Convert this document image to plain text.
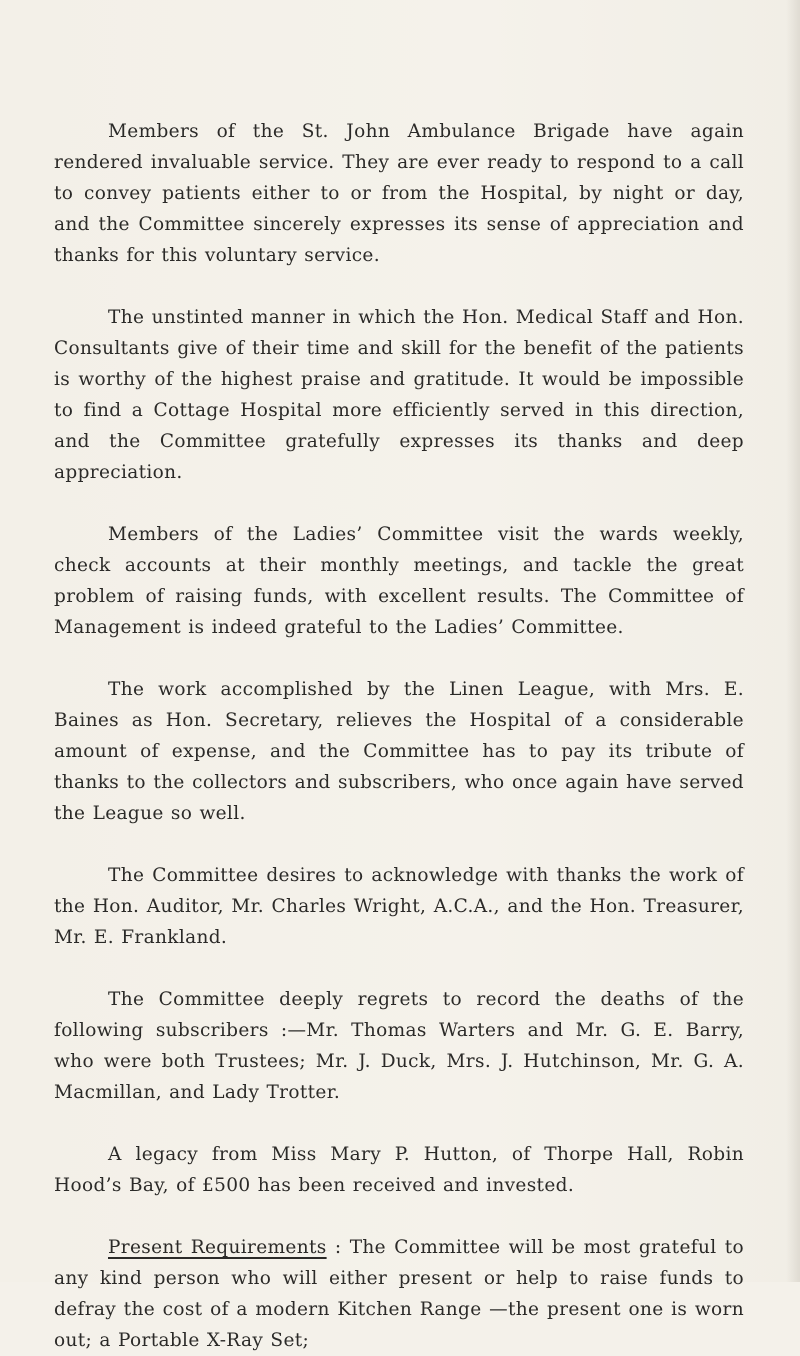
Members of the St. John Ambulance Brigade have again rendered invaluable service. They are ever ready to respond to a call to convey patients either to or from the Hospital, by night or day, and the Committee sincerely expresses its sense of appreciation and thanks for this voluntary service.

The unstinted manner in which the Hon. Medical Staff and Hon. Consultants give of their time and skill for the benefit of the patients is worthy of the highest praise and gratitude. It would be impossible to find a Cottage Hospital more efficiently served in this direction, and the Committee gratefully expresses its thanks and deep appreciation.

Members of the Ladies’ Committee visit the wards weekly, check accounts at their monthly meetings, and tackle the great problem of raising funds, with excellent results. The Committee of Management is indeed grateful to the Ladies’ Committee.

The work accomplished by the Linen League, with Mrs. E. Baines as Hon. Secretary, relieves the Hospital of a considerable amount of expense, and the Committee has to pay its tribute of thanks to the collectors and subscribers, who once again have served the League so well.

The Committee desires to acknowledge with thanks the work of the Hon. Auditor, Mr. Charles Wright, A.C.A., and the Hon. Treasurer, Mr. E. Frankland.

The Committee deeply regrets to record the deaths of the following subscribers :—Mr. Thomas Warters and Mr. G. E. Barry, who were both Trustees; Mr. J. Duck, Mrs. J. Hutchinson, Mr. G. A. Macmillan, and Lady Trotter.

A legacy from Miss Mary P. Hutton, of Thorpe Hall, Robin Hood’s Bay, of £500 has been received and invested.

Present Requirements : The Committee will be most grateful to any kind person who will either present or help to raise funds to defray the cost of a modern Kitchen Range —the present one is worn out; a Portable X-Ray Set;
